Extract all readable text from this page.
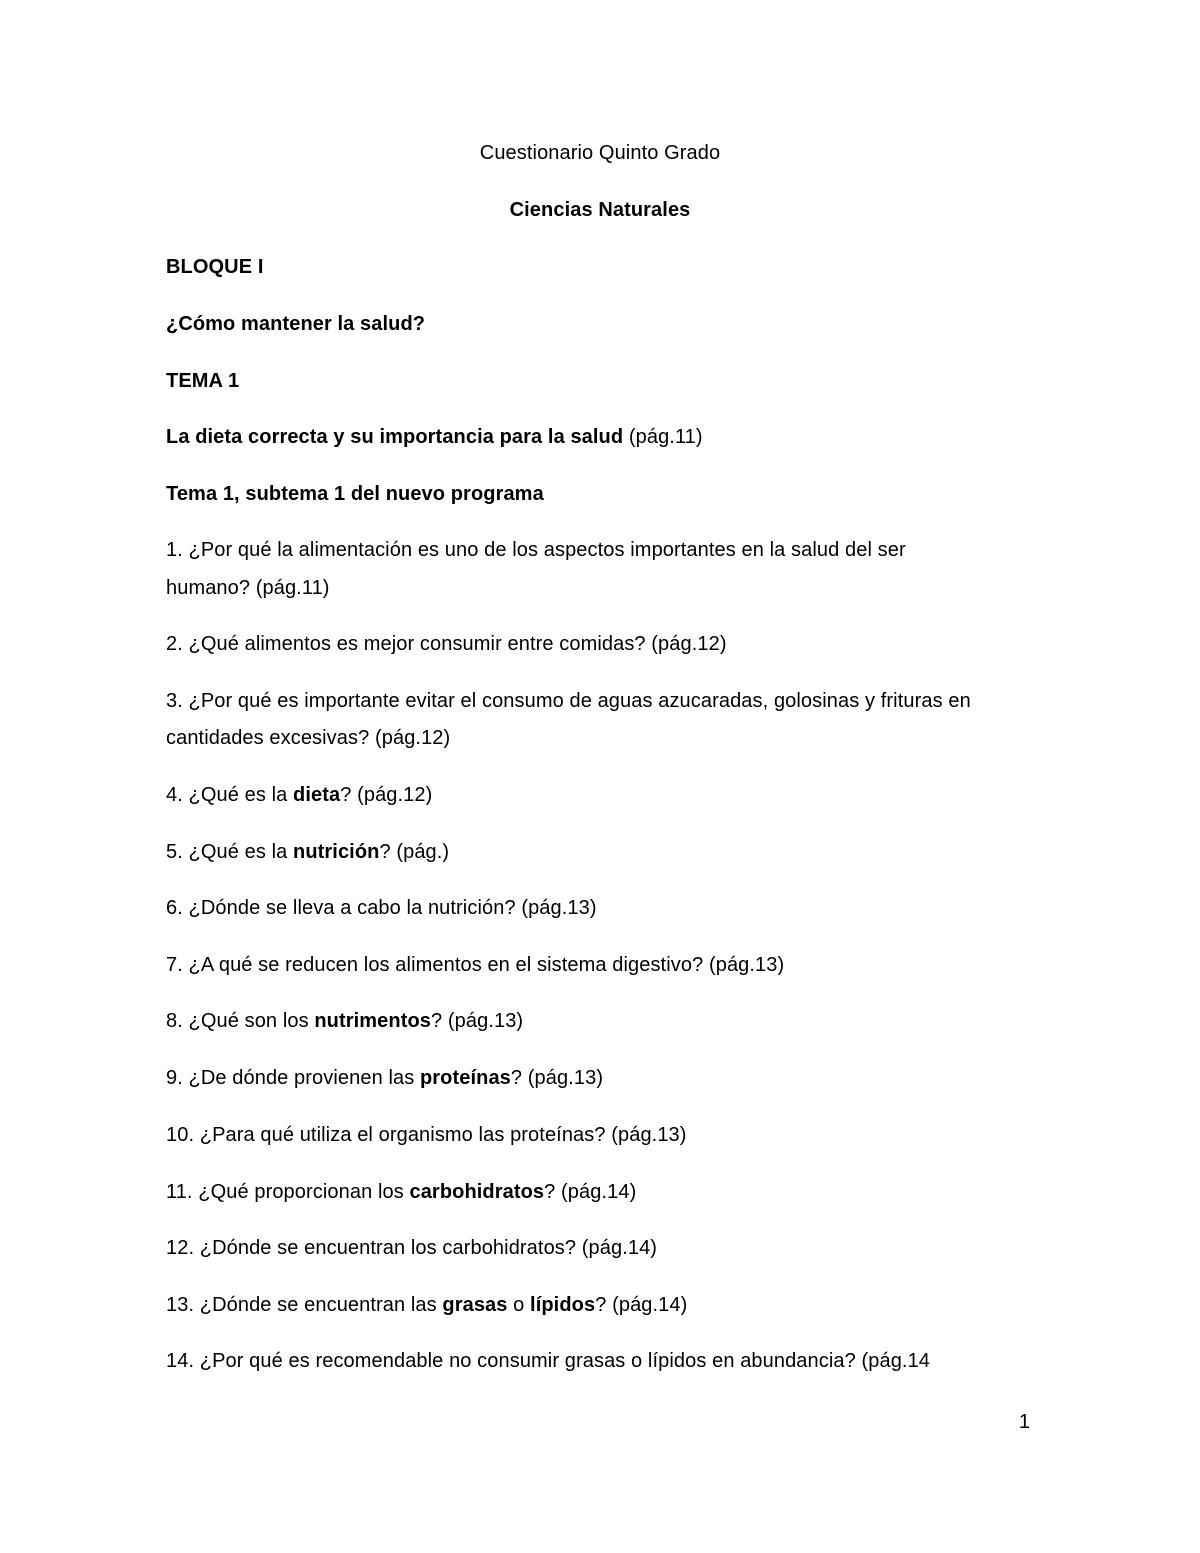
Cuestionario Quinto Grado
Ciencias Naturales
BLOQUE I
¿Cómo mantener la salud?
TEMA 1
La dieta correcta y su importancia para la salud (pág.11)
Tema 1, subtema 1 del nuevo programa
1. ¿Por qué la alimentación es uno de los aspectos importantes en la salud del ser
humano? (pág.11)
2. ¿Qué alimentos es mejor consumir entre comidas? (pág.12)
3. ¿Por qué es importante evitar el consumo de aguas azucaradas, golosinas y frituras en
cantidades excesivas? (pág.12)
4. ¿Qué es la dieta? (pág.12)
5. ¿Qué es la nutrición? (pág.)
6. ¿Dónde se lleva a cabo la nutrición? (pág.13)
7. ¿A qué se reducen los alimentos en el sistema digestivo? (pág.13)
8. ¿Qué son los nutrimentos? (pág.13)
9. ¿De dónde provienen las proteínas? (pág.13)
10. ¿Para qué utiliza el organismo las proteínas? (pág.13)
11. ¿Qué proporcionan los carbohidratos? (pág.14)
12. ¿Dónde se encuentran los carbohidratos? (pág.14)
13. ¿Dónde se encuentran las grasas o lípidos? (pág.14)
14. ¿Por qué es recomendable no consumir grasas o lípidos en abundancia? (pág.14
1
